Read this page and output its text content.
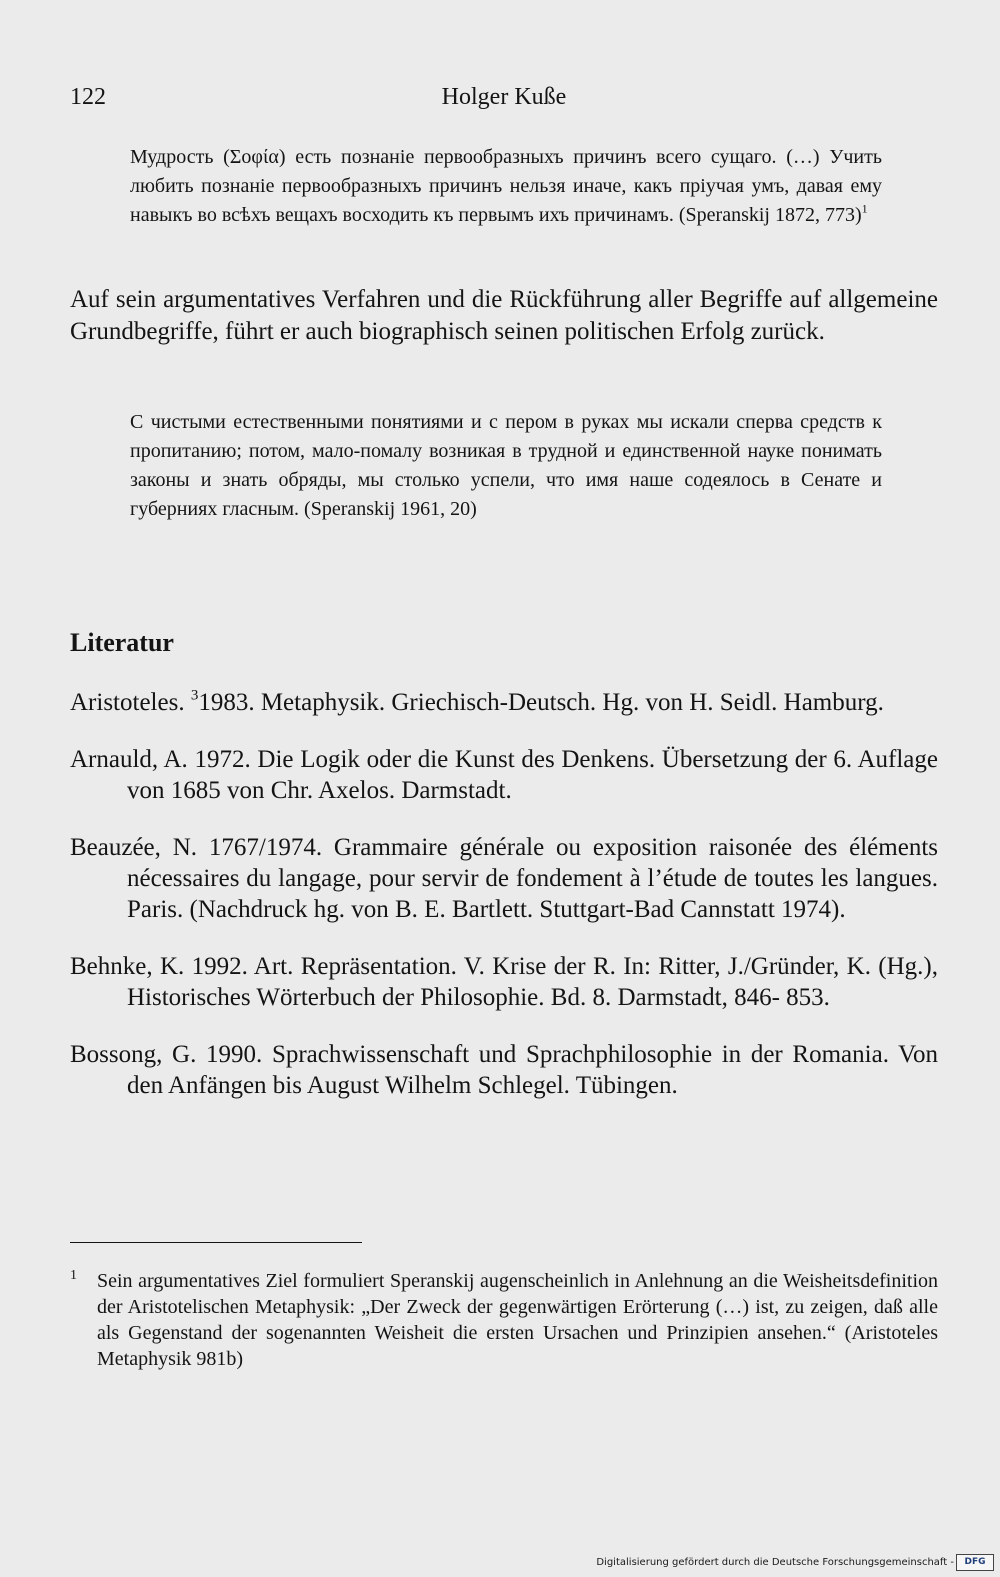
122	Holger Kuße
Мудрость (Σοφία) есть познаніе первообразныхъ причинъ всего сущаго. (…) Учить любить познаніе первообразныхъ причинъ нельзя иначе, какъ пріучая умъ, давая ему навыкъ во всѣхъ вещахъ восходить къ первымъ ихъ причинамъ. (Speranskij 1872, 773)$^1$
Auf sein argumentatives Verfahren und die Rückführung aller Begriffe auf allgemeine Grundbegriffe, führt er auch biographisch seinen politischen Erfolg zurück.
С чистыми естественными понятиями и с пером в руках мы искали сперва средств к пропитанию; потом, мало-помалу возникая в трудной и единственной науке понимать законы и знать обряды, мы столько успели, что имя наше содеялось в Сенате и губерниях гласным. (Speranskij 1961, 20)
Literatur
Aristoteles. $^3$1983. Metaphysik. Griechisch-Deutsch. Hg. von H. Seidl. Hamburg.
Arnauld, A. 1972. Die Logik oder die Kunst des Denkens. Übersetzung der 6. Auflage von 1685 von Chr. Axelos. Darmstadt.
Beauzée, N. 1767/1974. Grammaire générale ou exposition raisonée des éléments nécessaires du langage, pour servir de fondement à l’étude de toutes les langues. Paris. (Nachdruck hg. von B. E. Bartlett. Stuttgart-Bad Cannstatt 1974).
Behnke, K. 1992. Art. Repräsentation. V. Krise der R. In: Ritter, J./Gründer, K. (Hg.), Historisches Wörterbuch der Philosophie. Bd. 8. Darmstadt, 846- 853.
Bossong, G. 1990. Sprachwissenschaft und Sprachphilosophie in der Romania. Von den Anfängen bis August Wilhelm Schlegel. Tübingen.
1 Sein argumentatives Ziel formuliert Speranskij augenscheinlich in Anlehnung an die Weisheitsdefinition der Aristotelischen Metaphysik: „Der Zweck der gegenwärtigen Erörterung (…) ist, zu zeigen, daß alle als Gegenstand der sogenannten Weisheit die ersten Ursachen und Prinzipien ansehen.“ (Aristoteles Metaphysik 981b)
Digitalisierung gefördert durch die Deutsche Forschungsgemeinschaft -	DFG
